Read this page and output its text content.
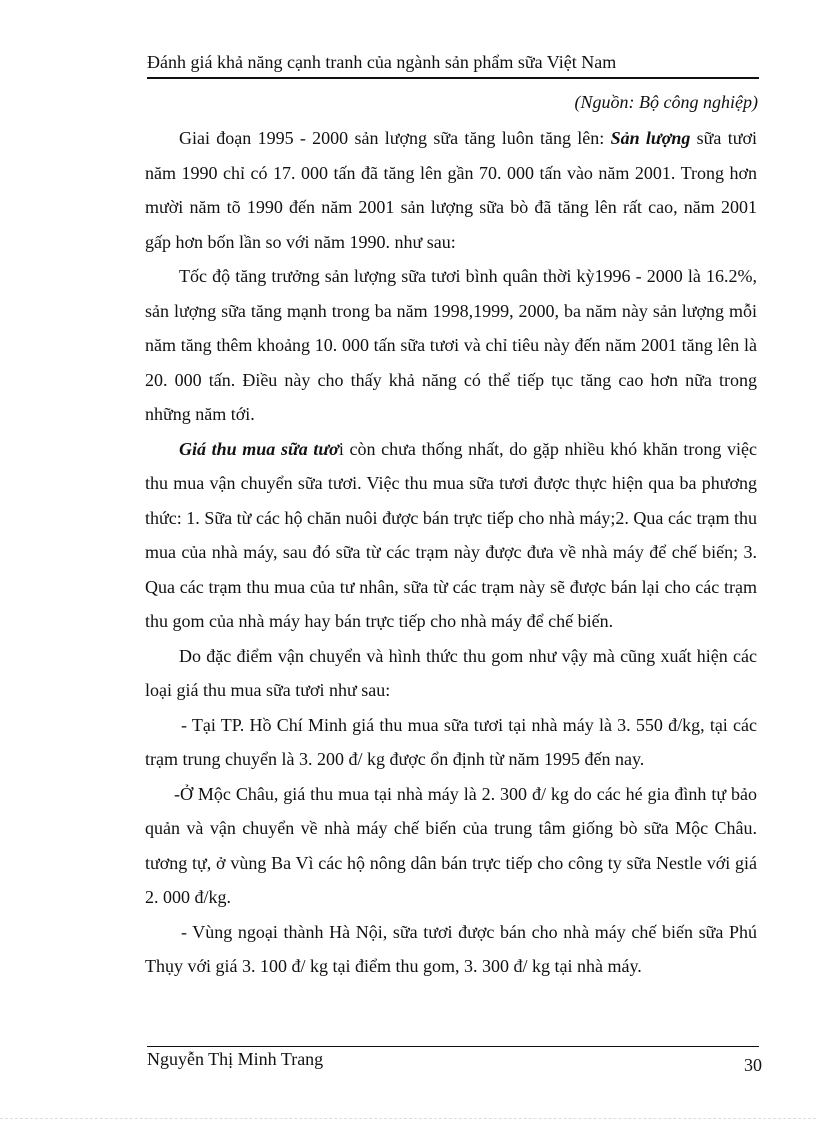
Đánh giá khả năng cạnh tranh của ngành sản phẩm sữa Việt Nam
(Nguồn: Bộ công nghiệp)

Giai đoạn 1995 - 2000 sản lượng sữa tăng luôn tăng lên: Sản lượng sữa tươi năm 1990 chỉ có 17. 000 tấn đã tăng lên gần 70. 000 tấn vào năm 2001. Trong hơn mười năm tõ 1990 đến năm 2001 sản lượng sữa bò đã tăng lên rất cao, năm 2001 gấp hơn bốn lần so với năm 1990. như sau:

Tốc độ tăng trưởng sản lượng sữa tươi bình quân thời kỳ1996 - 2000 là 16.2%, sản lượng sữa tăng mạnh trong ba năm 1998,1999, 2000, ba năm này sản lượng mỗi năm tăng thêm khoảng 10. 000 tấn sữa tươi và chỉ tiêu này đến năm 2001 tăng lên là 20. 000 tấn. Điều này cho thấy khả năng có thể tiếp tục tăng cao hơn nữa trong những năm tới.

Giá thu mua sữa tươi còn chưa thống nhất, do gặp nhiều khó khăn trong việc thu mua vận chuyển sữa tươi. Việc thu mua sữa tươi được thực hiện qua ba phương thức: 1. Sữa từ các hộ chăn nuôi được bán trực tiếp cho nhà máy;2. Qua các trạm thu mua của nhà máy, sau đó sữa từ các trạm này được đưa về nhà máy để chế biến; 3. Qua các trạm thu mua của tư nhân, sữa từ các trạm này sẽ được bán lại cho các trạm thu gom của nhà máy hay bán trực tiếp cho nhà máy để chế biến.

Do đặc điểm vận chuyển và hình thức thu gom như vậy mà cũng xuất hiện các loại giá thu mua sữa tươi như sau:

- Tại TP. Hồ Chí Minh giá thu mua sữa tươi tại nhà máy là 3. 550 đ/kg, tại các trạm trung chuyển là 3. 200 đ/ kg được ổn định từ năm 1995 đến nay.

-Ở Mộc Châu, giá thu mua tại nhà máy là 2. 300 đ/ kg do các hé gia đình tự bảo quản và vận chuyển về nhà máy chế biến của trung tâm giống bò sữa Mộc Châu. tương tự, ở vùng Ba Vì các hộ nông dân bán trực tiếp cho công ty sữa Nestle với giá 2. 000 đ/kg.

- Vùng ngoại thành Hà Nội, sữa tươi được bán cho nhà máy chế biến sữa Phú Thụy với giá 3. 100 đ/ kg tại điểm thu gom, 3. 300 đ/ kg tại nhà máy.

Nguyễn Thị Minh Trang	30
